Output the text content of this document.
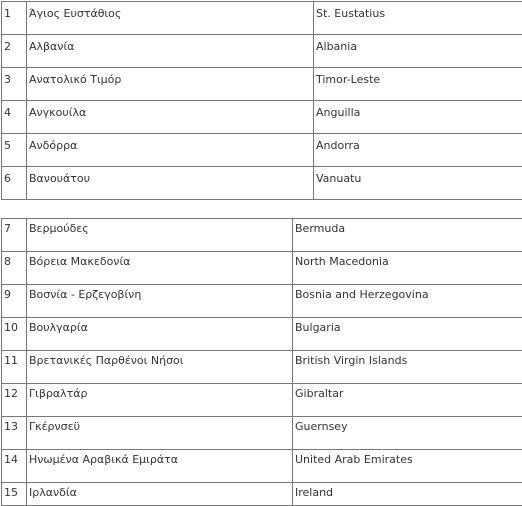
1	Άγιος Ευστάθιος	St. Eustatius
2	Αλβανία	Albania
3	Ανατολικό Τιμόρ	Timor-Leste
4	Ανγκουίλα	Anguilla
5	Ανδόρρα	Andorra
6	Βανουάτου	Vanuatu
7	Βερμούδες	Bermuda
8	Βόρεια Μακεδονία	North Macedonia
9	Βοσνία - Ερζεγοβίνη	Bosnia and Herzegovina
10	Βουλγαρία	Bulgaria
11	Βρετανικές Παρθένοι Νήσοι	British Virgin Islands
12	Γιβραλτάρ	Gibraltar
13	Γκέρνσεϋ	Guernsey
14	Ηνωμένα Αραβικά Εμιράτα	United Arab Emirates
15	Ιρλανδία	Ireland
